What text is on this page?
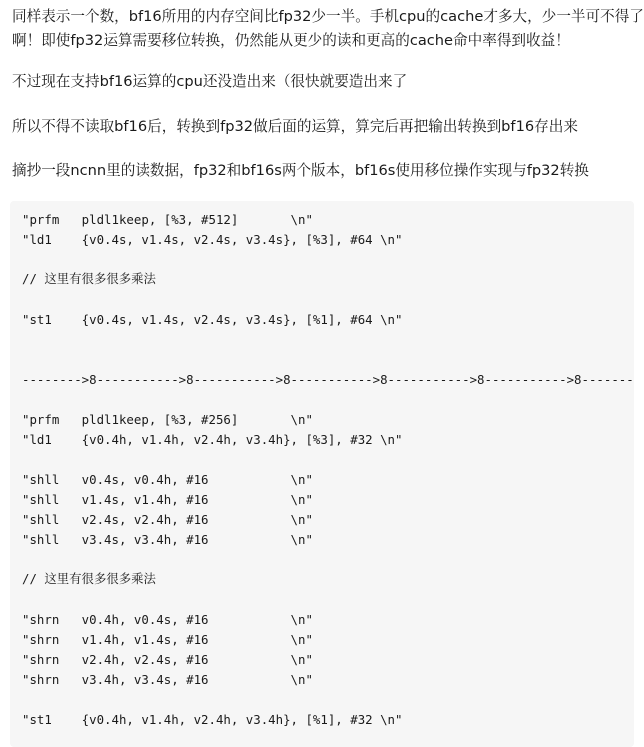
同样表示一个数，bf16所用的内存空间比fp32少一半。手机cpu的cache才多大，少一半可不得了
啊！即使fp32运算需要移位转换，仍然能从更少的读和更高的cache命中率得到收益！

不过现在支持bf16运算的cpu还没造出来（很快就要造出来了

所以不得不读取bf16后，转换到fp32做后面的运算，算完后再把输出转换到bf16存出来

摘抄一段ncnn里的读数据，fp32和bf16s两个版本，bf16s使用移位操作实现与fp32转换

"prfm   pldl1keep, [%3, #512]       \n"
"ld1    {v0.4s, v1.4s, v2.4s, v3.4s}, [%3], #64 \n"
// 这里有很多很多乘法
"st1    {v0.4s, v1.4s, v2.4s, v3.4s}, [%1], #64 \n"
-------->8----------->8----------->8----------->8----------->8----------->8-------
"prfm   pldl1keep, [%3, #256]       \n"
"ld1    {v0.4h, v1.4h, v2.4h, v3.4h}, [%3], #32 \n"
"shll   v0.4s, v0.4h, #16           \n"
"shll   v1.4s, v1.4h, #16           \n"
"shll   v2.4s, v2.4h, #16           \n"
"shll   v3.4s, v3.4h, #16           \n"
// 这里有很多很多乘法
"shrn   v0.4h, v0.4s, #16           \n"
"shrn   v1.4h, v1.4s, #16           \n"
"shrn   v2.4h, v2.4s, #16           \n"
"shrn   v3.4h, v3.4s, #16           \n"
"st1    {v0.4h, v1.4h, v2.4h, v3.4h}, [%1], #32 \n"
